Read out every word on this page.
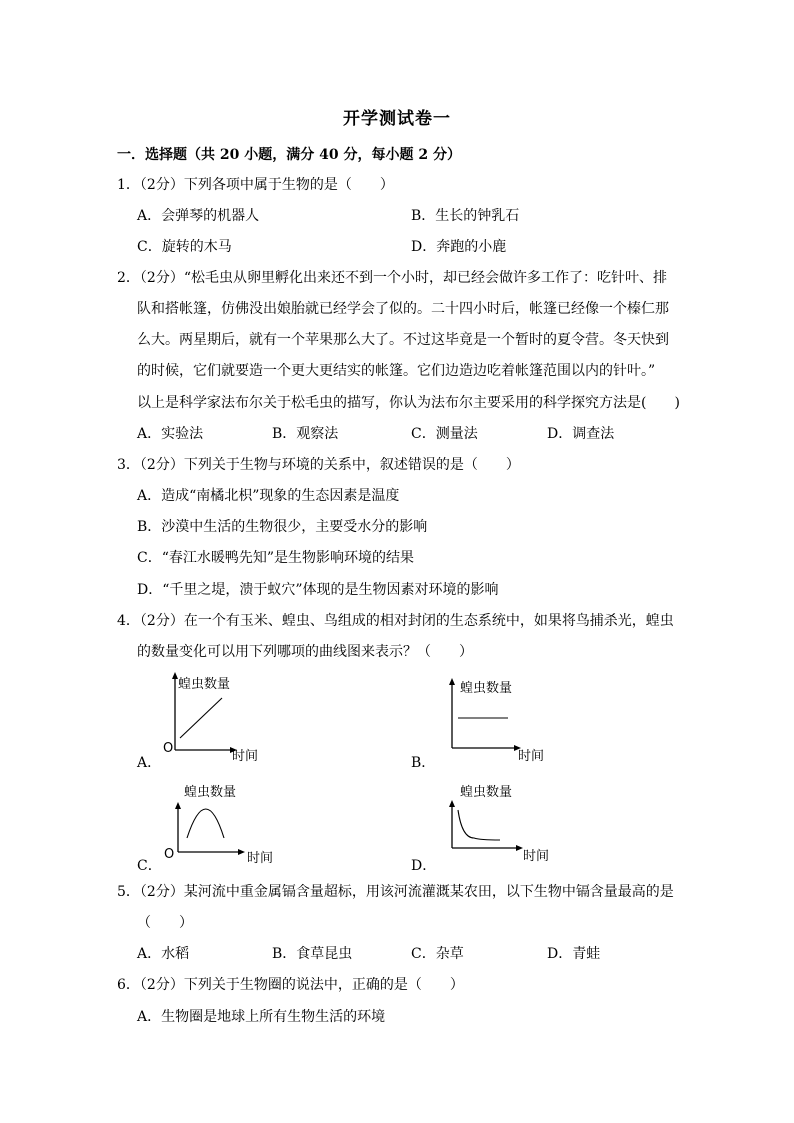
开学测试卷一
一．选择题（共 20 小题，满分 40 分，每小题 2 分）
1．（2分）下列各项中属于生物的是（　　）
A．会弹琴的机器人	B．生长的钟乳石
C．旋转的木马	D．奔跑的小鹿
2．（2分）“松毛虫从卵里孵化出来还不到一个小时，却已经会做许多工作了：吃针叶、排
队和搭帐篷，仿佛没出娘胎就已经学会了似的。二十四小时后，帐篷已经像一个榛仁那
么大。两星期后，就有一个苹果那么大了。不过这毕竟是一个暂时的夏令营。冬天快到
的时候，它们就要造一个更大更结实的帐篷。它们边造边吃着帐篷范围以内的针叶。”
以上是科学家法布尔关于松毛虫的描写，你认为法布尔主要采用的科学探究方法是(　　)
A．实验法	B．观察法	C．测量法	D．调查法
3．（2分）下列关于生物与环境的关系中，叙述错误的是（　　）
A．造成“南橘北枳”现象的生态因素是温度
B．沙漠中生活的生物很少，主要受水分的影响
C．“春江水暖鸭先知”是生物影响环境的结果
D．“千里之堤，溃于蚁穴”体现的是生物因素对环境的影响
4．（2分）在一个有玉米、蝗虫、鸟组成的相对封闭的生态系统中，如果将鸟捕杀光，蝗虫
的数量变化可以用下列哪项的曲线图来表示？（　　）
A．
蝗虫数量
O
时间	B．
蝗虫数量
时间
C．
蝗虫数量
O	时间	D．
蝗虫数量
时间
5．（2分）某河流中重金属镉含量超标，用该河流灌溉某农田，以下生物中镉含量最高的是
（　　）
A．水稻	B．食草昆虫	C．杂草	D．青蛙
6．（2分）下列关于生物圈的说法中，正确的是（　　）
A．生物圈是地球上所有生物生活的环境
